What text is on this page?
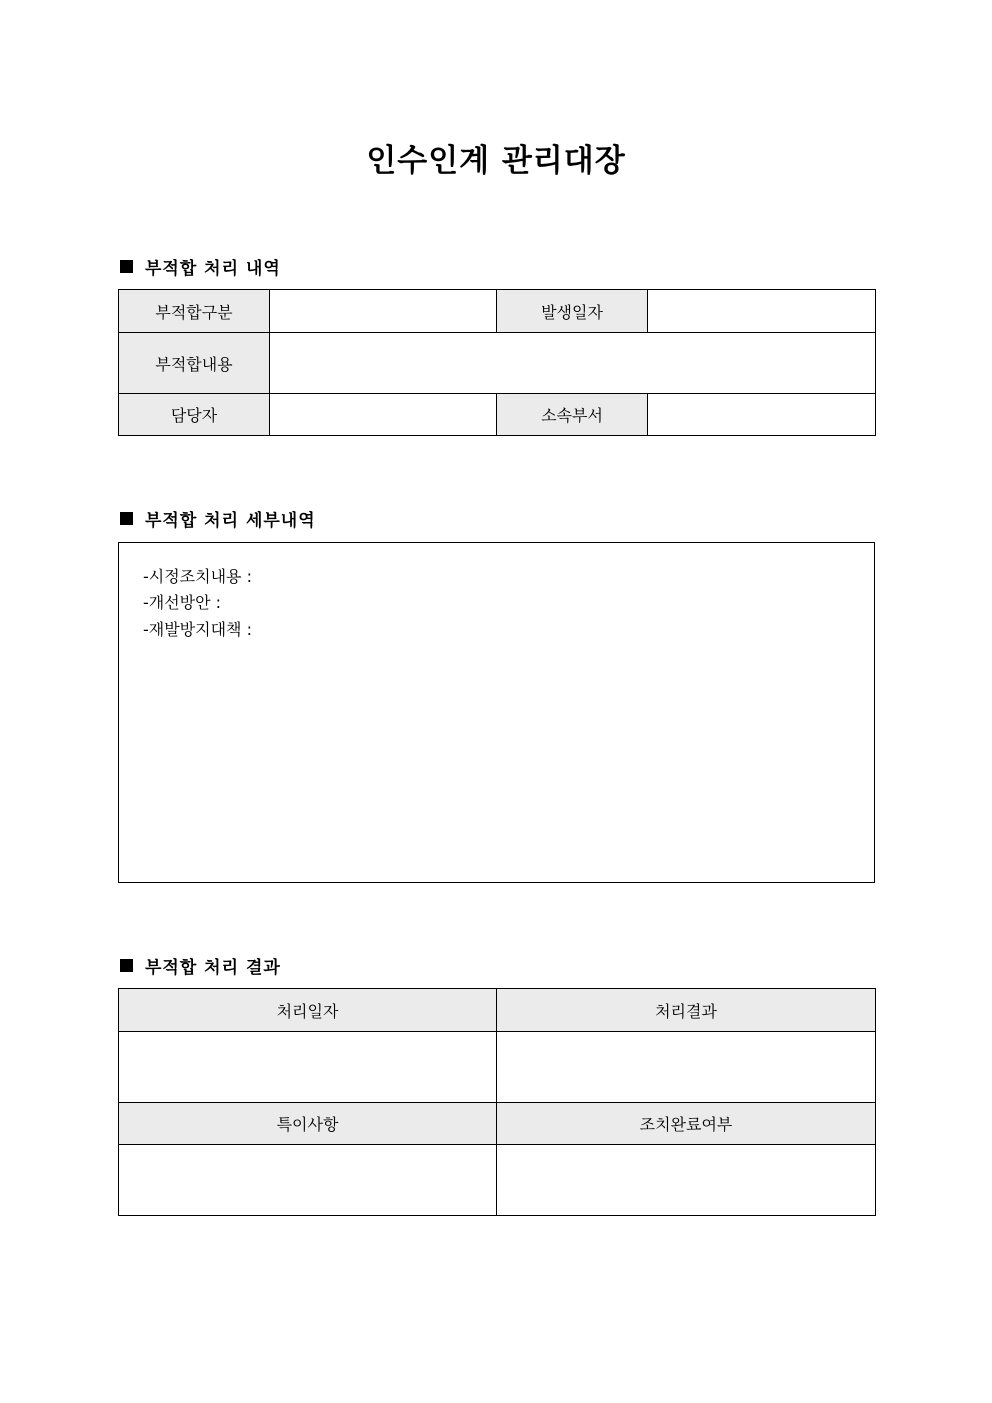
인수인계 관리대장
부적합 처리 내역
부적합구분		발생일자	
부적합내용			
담당자		소속부서	
부적합 처리 세부내역
-시정조치내용 :
-개선방안 :
-재발방지대책 :
부적합 처리 결과
처리일자	처리결과

특이사항	조치완료여부
